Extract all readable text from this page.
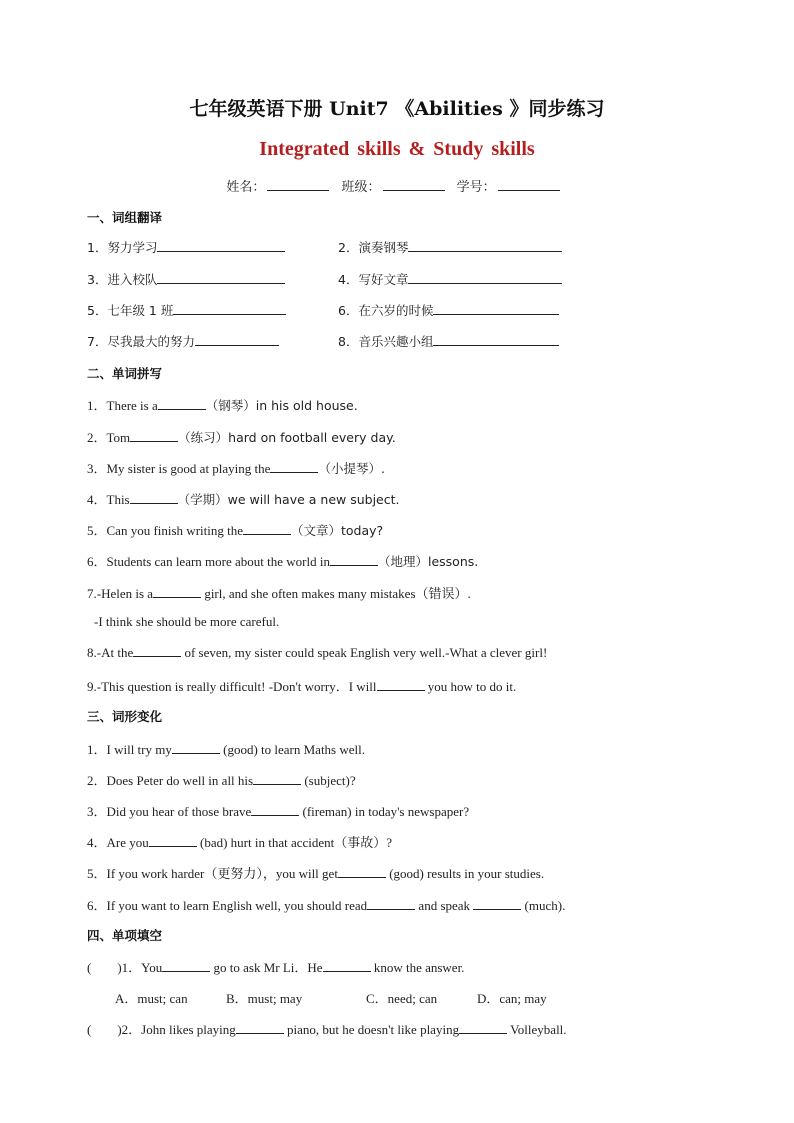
七年级英语下册 Unit7 《Abilities 》同步练习
Integrated skills & Study skills
姓名：	班级：	学号：
一、词组翻译
1．努力学习	2．演奏钢琴
3．进入校队	4．写好文章
5．七年级 1 班	6．在六岁的时候
7．尽我最大的努力	8．音乐兴趣小组
二、单词拼写
1．There is a	（钢琴）in his old house.
2．Tom	（练习）hard on football every day.
3．My sister is good at playing the	（小提琴）.
4．This	（学期）we will have a new subject.
5．Can you finish writing the	（文章）today?
6．Students can learn more about the world in	（地理）lessons.
7.-Helen is a	girl, and she often makes many mistakes（错误）.
-I think she should be more careful.
8.-At the	of seven, my sister could speak English very well.-What a clever girl!
9.-This question is really difficult! -Don't worry．I will	you how to do it.
三、词形变化
1．I will try my	(good) to learn Maths well.
2．Does Peter do well in all his	(subject)?
3．Did you hear of those brave	(fireman) in today's newspaper?
4．Are you	(bad) hurt in that accident（事故）?
5．If you work harder（更努力），you will get	(good) results in your studies.
6．If you want to learn English well, you should read	and speak	(much).
四、单项填空
(　　)1．You	go to ask Mr Li．He	know the answer.
A．must; can	B．must; may	C．need; can	D．can; may
(　　)2．John likes playing	piano, but he doesn't like playing	Volleyball.
